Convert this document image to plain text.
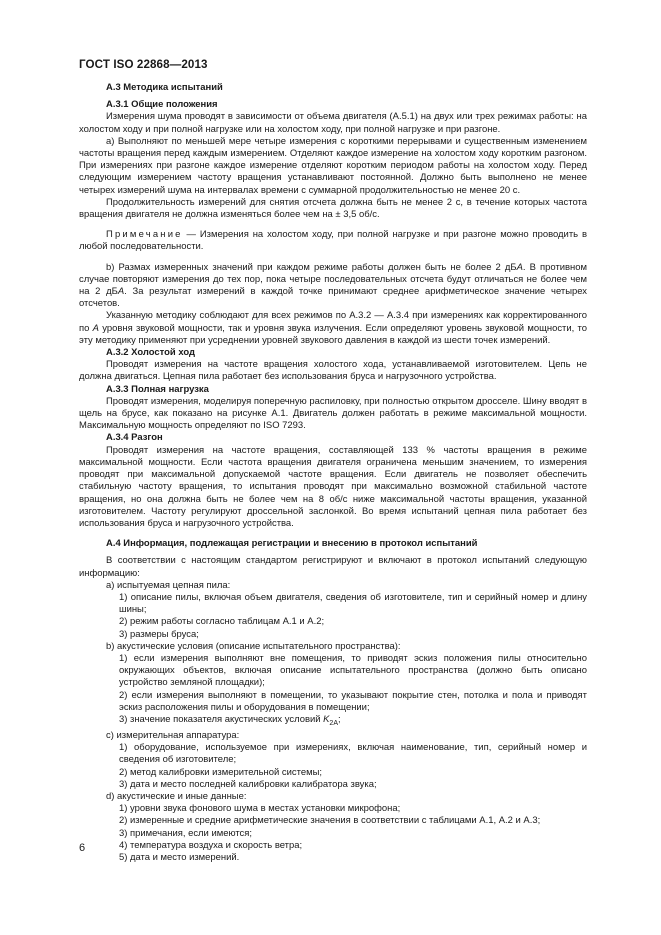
ГОСТ ISO 22868—2013

А.3 Методика испытаний

А.3.1 Общие положения

Измерения шума проводят в зависимости от объема двигателя (А.5.1) на двух или трех режимах работы: на холостом ходу и при полной нагрузке или на холостом ходу, при полной нагрузке и при разгоне.

а) Выполняют по меньшей мере четыре измерения с короткими перерывами и существенным изменением частоты вращения перед каждым измерением. Отделяют каждое измерение на холостом ходу коротким разгоном. При измерениях при разгоне каждое измерение отделяют коротким периодом работы на холостом ходу. Перед следующим измерением частоту вращения устанавливают постоянной. Должно быть выполнено не менее четырех измерений шума на интервалах времени с суммарной продолжительностью не менее 20 с.

Продолжительность измерений для снятия отсчета должна быть не менее 2 с, в течение которых частота вращения двигателя не должна изменяться более чем на ± 3,5 об/с.

Примечание — Измерения на холостом ходу, при полной нагрузке и при разгоне можно проводить в любой последовательности.

b) Размах измеренных значений при каждом режиме работы должен быть не более 2 дБA. В противном случае повторяют измерения до тех пор, пока четыре последовательных отсчета будут отличаться не более чем на 2 дБA. За результат измерений в каждой точке принимают среднее арифметическое значение четырех отсчетов.

Указанную методику соблюдают для всех режимов по А.3.2 — А.3.4 при измерениях как корректированного по A уровня звуковой мощности, так и уровня звука излучения. Если определяют уровень звуковой мощности, то эту методику применяют при усреднении уровней звукового давления в каждой из шести точек измерений.

А.3.2 Холостой ход

Проводят измерения на частоте вращения холостого хода, устанавливаемой изготовителем. Цепь не должна двигаться. Цепная пила работает без использования бруса и нагрузочного устройства.

А.3.3 Полная нагрузка

Проводят измерения, моделируя поперечную распиловку, при полностью открытом дросселе. Шину вводят в щель на брусе, как показано на рисунке А.1. Двигатель должен работать в режиме максимальной мощности. Максимальную мощность определяют по ISO 7293.

А.3.4 Разгон

Проводят измерения на частоте вращения, составляющей 133 % частоты вращения в режиме максимальной мощности. Если частота вращения двигателя ограничена меньшим значением, то измерения проводят при максимальной допускаемой частоте вращения. Если двигатель не позволяет обеспечить стабильную частоту вращения, то испытания проводят при максимально возможной стабильной частоте вращения, но она должна быть не более чем на 8 об/с ниже максимальной частоты вращения, указанной изготовителем. Частоту регулируют дроссельной заслонкой. Во время испытаний цепная пила работает без использования бруса и нагрузочного устройства.

А.4 Информация, подлежащая регистрации и внесению в протокол испытаний

В соответствии с настоящим стандартом регистрируют и включают в протокол испытаний следующую информацию:

а) испытуемая цепная пила:

1) описание пилы, включая объем двигателя, сведения об изготовителе, тип и серийный номер и длину шины;

2) режим работы согласно таблицам А.1 и А.2;

3) размеры бруса;

b) акустические условия (описание испытательного пространства):

1) если измерения выполняют вне помещения, то приводят эскиз положения пилы относительно окружающих объектов, включая описание испытательного пространства (должно быть описано устройство земляной площадки);

2) если измерения выполняют в помещении, то указывают покрытие стен, потолка и пола и приводят эскиз расположения пилы и оборудования в помещении;

3) значение показателя акустических условий $K_{2A}$;

c) измерительная аппаратура:

1) оборудование, используемое при измерениях, включая наименование, тип, серийный номер и сведения об изготовителе;

2) метод калибровки измерительной системы;

3) дата и место последней калибровки калибратора звука;

d) акустические и иные данные:

1) уровни звука фонового шума в местах установки микрофона;

2) измеренные и средние арифметические значения в соответствии с таблицами А.1, А.2 и А.3;

3) примечания, если имеются;

4) температура воздуха и скорость ветра;

5) дата и место измерений.

6
